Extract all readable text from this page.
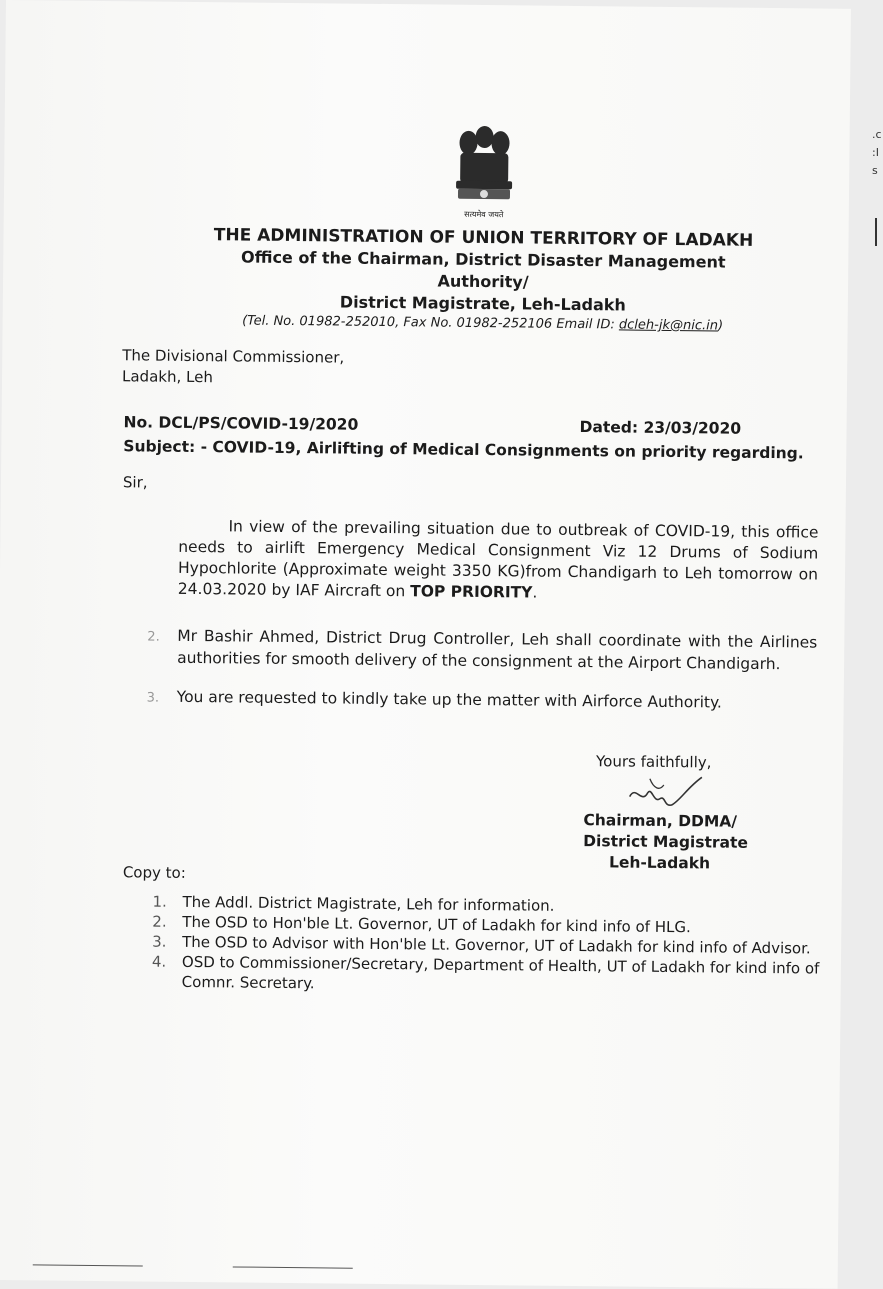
सत्यमेव जयते
THE ADMINISTRATION OF UNION TERRITORY OF LADAKH
Office of the Chairman, District Disaster Management Authority/
District Magistrate, Leh-Ladakh
(Tel. No. 01982-252010, Fax No. 01982-252106 Email ID: dcleh-jk@nic.in)
The Divisional Commissioner,
Ladakh, Leh
No. DCL/PS/COVID-19/2020	Dated: 23/03/2020
Subject: - COVID-19, Airlifting of Medical Consignments on priority regarding.
Sir,
In view of the prevailing situation due to outbreak of COVID-19, this office needs to airlift Emergency Medical Consignment Viz 12 Drums of Sodium Hypochlorite (Approximate weight 3350 KG)from Chandigarh to Leh tomorrow on 24.03.2020 by IAF Aircraft on TOP PRIORITY.
2. Mr Bashir Ahmed, District Drug Controller, Leh shall coordinate with the Airlines authorities for smooth delivery of the consignment at the Airport Chandigarh.
3. You are requested to kindly take up the matter with Airforce Authority.
Yours faithfully,
Chairman, DDMA/
District Magistrate
Leh-Ladakh
Copy to:
1.	The Addl. District Magistrate, Leh for information.
2.	The OSD to Hon'ble Lt. Governor, UT of Ladakh for kind info of HLG.
3.	The OSD to Advisor with Hon'ble Lt. Governor, UT of Ladakh for kind info of Advisor.
4.	OSD to Commissioner/Secretary, Department of Health, UT of Ladakh for kind info of Comnr. Secretary.
.c
:I
s
